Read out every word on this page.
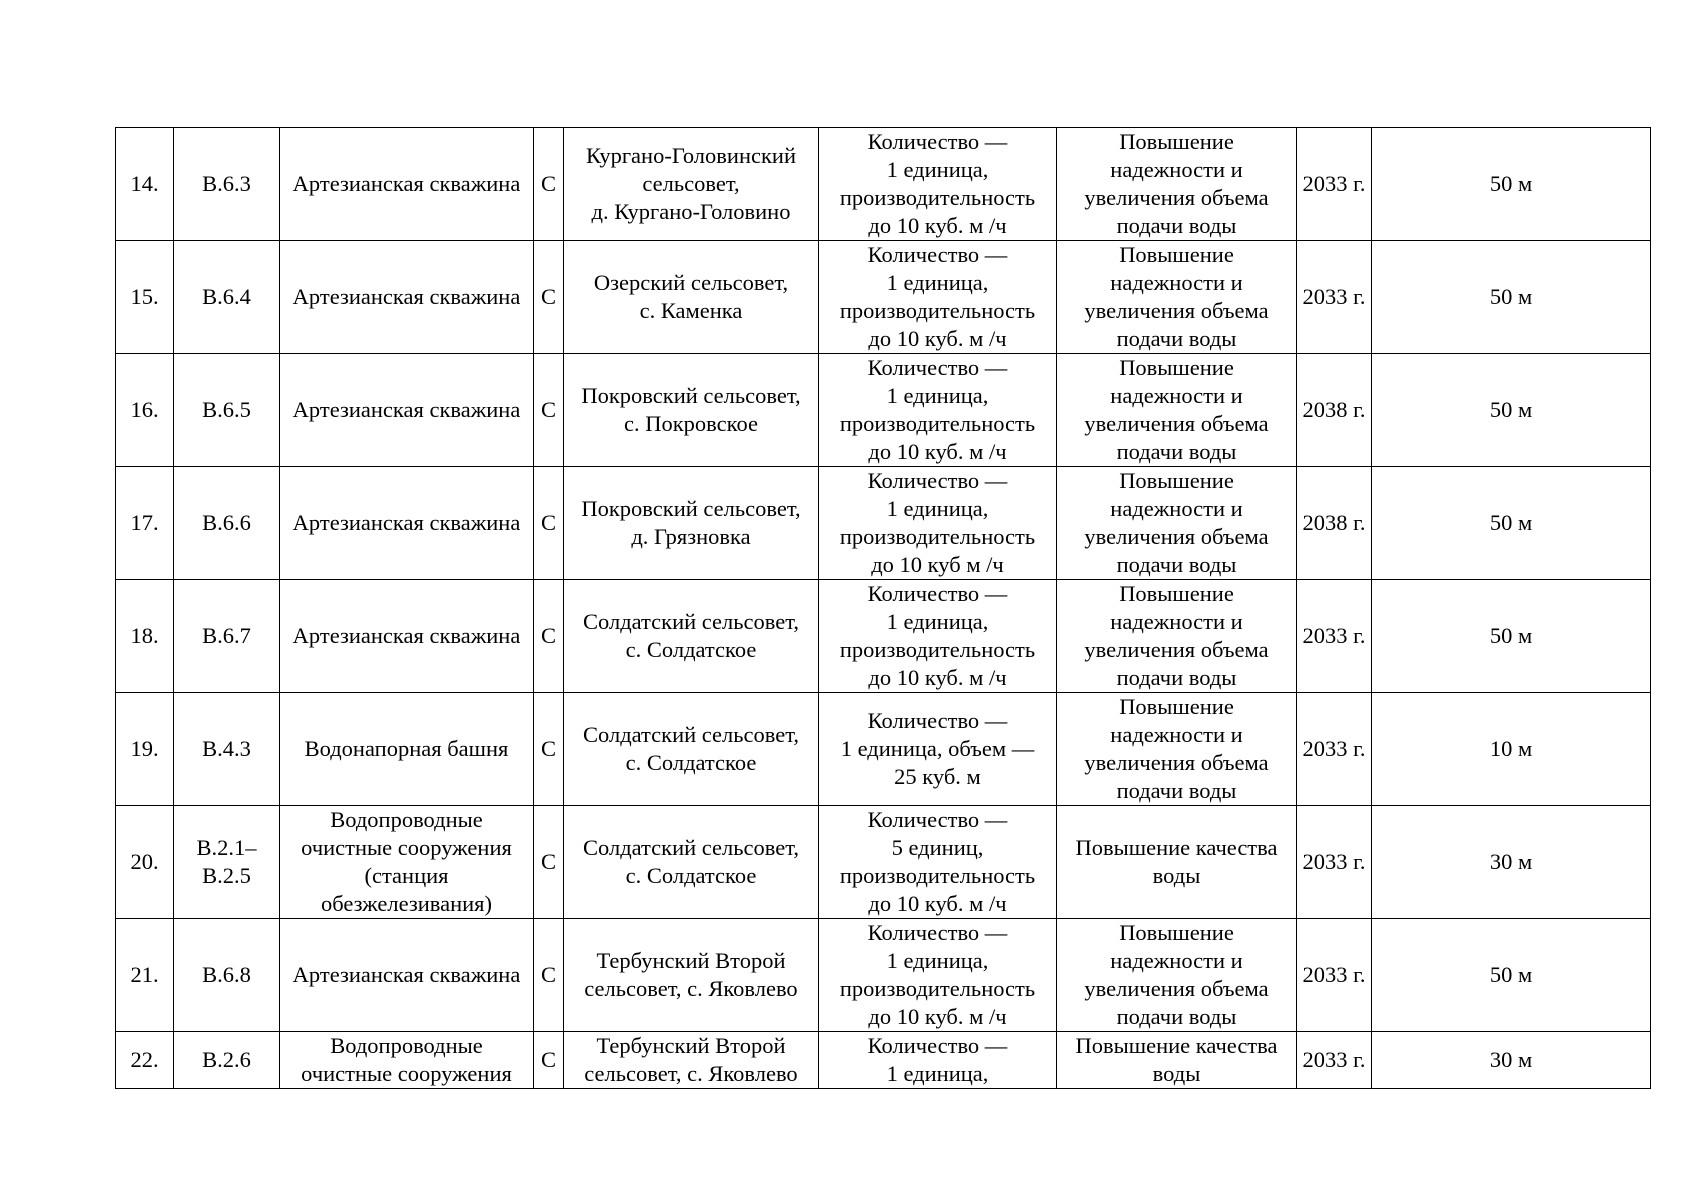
14.	В.6.3	Артезианская скважина	С	Кургано-Головинский
сельсовет,
д. Кургано-Головино	Количество —
1 единица,
производительность
до 10 куб. м /ч	Повышение
надежности и
увеличения объема
подачи воды	2033 г.	50 м
15.	В.6.4	Артезианская скважина	С	Озерский сельсовет,
с. Каменка	Количество —
1 единица,
производительность
до 10 куб. м /ч	Повышение
надежности и
увеличения объема
подачи воды	2033 г.	50 м
16.	В.6.5	Артезианская скважина	С	Покровский сельсовет,
с. Покровское	Количество —
1 единица,
производительность
до 10 куб. м /ч	Повышение
надежности и
увеличения объема
подачи воды	2038 г.	50 м
17.	В.6.6	Артезианская скважина	С	Покровский сельсовет,
д. Грязновка	Количество —
1 единица,
производительность
до 10 куб м /ч	Повышение
надежности и
увеличения объема
подачи воды	2038 г.	50 м
18.	В.6.7	Артезианская скважина	С	Солдатский сельсовет,
с. Солдатское	Количество —
1 единица,
производительность
до 10 куб. м /ч	Повышение
надежности и
увеличения объема
подачи воды	2033 г.	50 м
19.	В.4.3	Водонапорная башня	С	Солдатский сельсовет,
с. Солдатское	Количество —
1 единица, объем —
25 куб. м	Повышение
надежности и
увеличения объема
подачи воды	2033 г.	10 м
20.	В.2.1–
В.2.5	Водопроводные
очистные сооружения
(станция
обезжелезивания)	С	Солдатский сельсовет,
с. Солдатское	Количество —
5 единиц,
производительность
до 10 куб. м /ч	Повышение качества
воды	2033 г.	30 м
21.	В.6.8	Артезианская скважина	С	Тербунский Второй
сельсовет, с. Яковлево	Количество —
1 единица,
производительность
до 10 куб. м /ч	Повышение
надежности и
увеличения объема
подачи воды	2033 г.	50 м
22.	В.2.6	Водопроводные
очистные сооружения	С	Тербунский Второй
сельсовет, с. Яковлево	Количество —
1 единица,	Повышение качества
воды	2033 г.	30 м
